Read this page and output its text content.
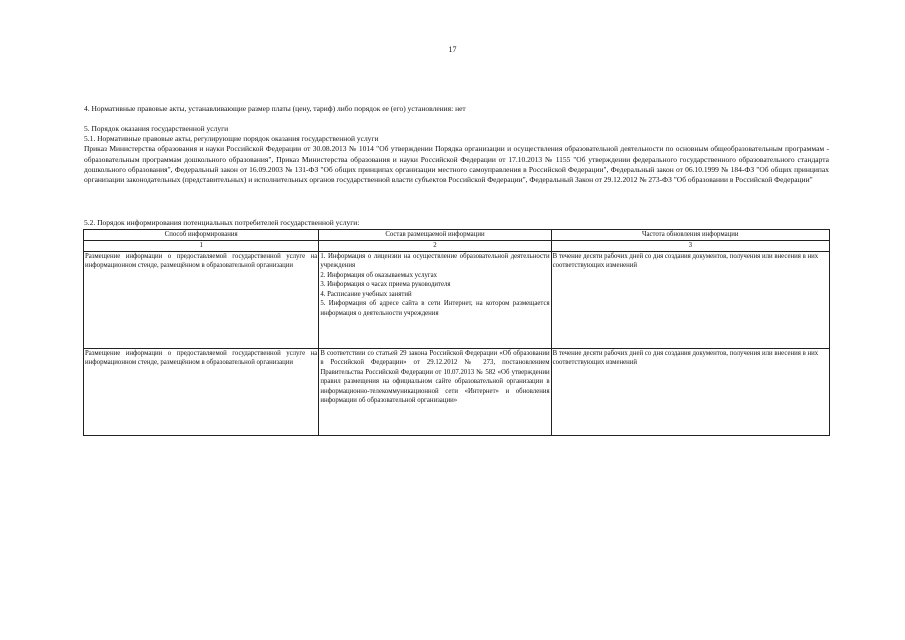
17
4. Нормативные правовые акты, устанавливающие размер платы (цену, тариф) либо порядок ее (его) установления: нет

5. Порядок оказания государственной услуги

5.1. Нормативные правовые акты, регулирующие порядок оказания государственной услуги

Приказ Министерства образования и науки Российской Федерации от 30.08.2013 № 1014 "Об утверждении Порядка организации и осуществления образовательной деятельности по основным общеобразовательным программам - образовательным программам дошкольного образования", Приказ Министерства образования и науки Российской Федерации от 17.10.2013 № 1155 "Об утверждении федерального государственного образовательного стандарта дошкольного образования", Федеральный закон от 16.09.2003 № 131-ФЗ "Об общих принципах организации местного самоуправления в Российской Федерации", Федеральный закон от 06.10.1999 № 184-ФЗ "Об общих принципах организации законодательных (представительных) и исполнительных органов государственной власти субъектов Российской Федерации", Федеральный Закон от 29.12.2012 № 273-ФЗ "Об образовании в Российской Федерации"

5.2. Порядок информирования потенциальных потребителей государственной услуги:
Способ информирования	Состав размещаемой информации	Частота обновления информации
1	2	3
Размещение информации о предоставляемой государственной услуге на информационном стенде, размещённом в образовательной организации	1. Информация о лицензии на осуществление образовательной деятельности учреждения
2. Информация об оказываемых услугах
3. Информация о часах приема руководителя
4. Расписание учебных занятий
5. Информация об адресе сайта в сети Интернет, на котором размещается информация о деятельности учреждения	В течение десяти рабочих дней со дня создания документов, получения или внесения в них соответствующих изменений
Размещение информации о предоставляемой государственной услуге на информационном стенде, размещённом в образовательной организации	В соответствии со статьей 29 закона Российской Федерации «Об образовании в Российской Федерации» от 29.12.2012 № 273, постановлением Правительства Российской Федерации от 10.07.2013 № 582 «Об утверждении правил размещения на официальном сайте образовательной организации в информационно-телекоммуникационной сети «Интернет» и обновления информации об образовательной организации»	В течение десяти рабочих дней со дня создания документов, получения или внесения в них соответствующих изменений
